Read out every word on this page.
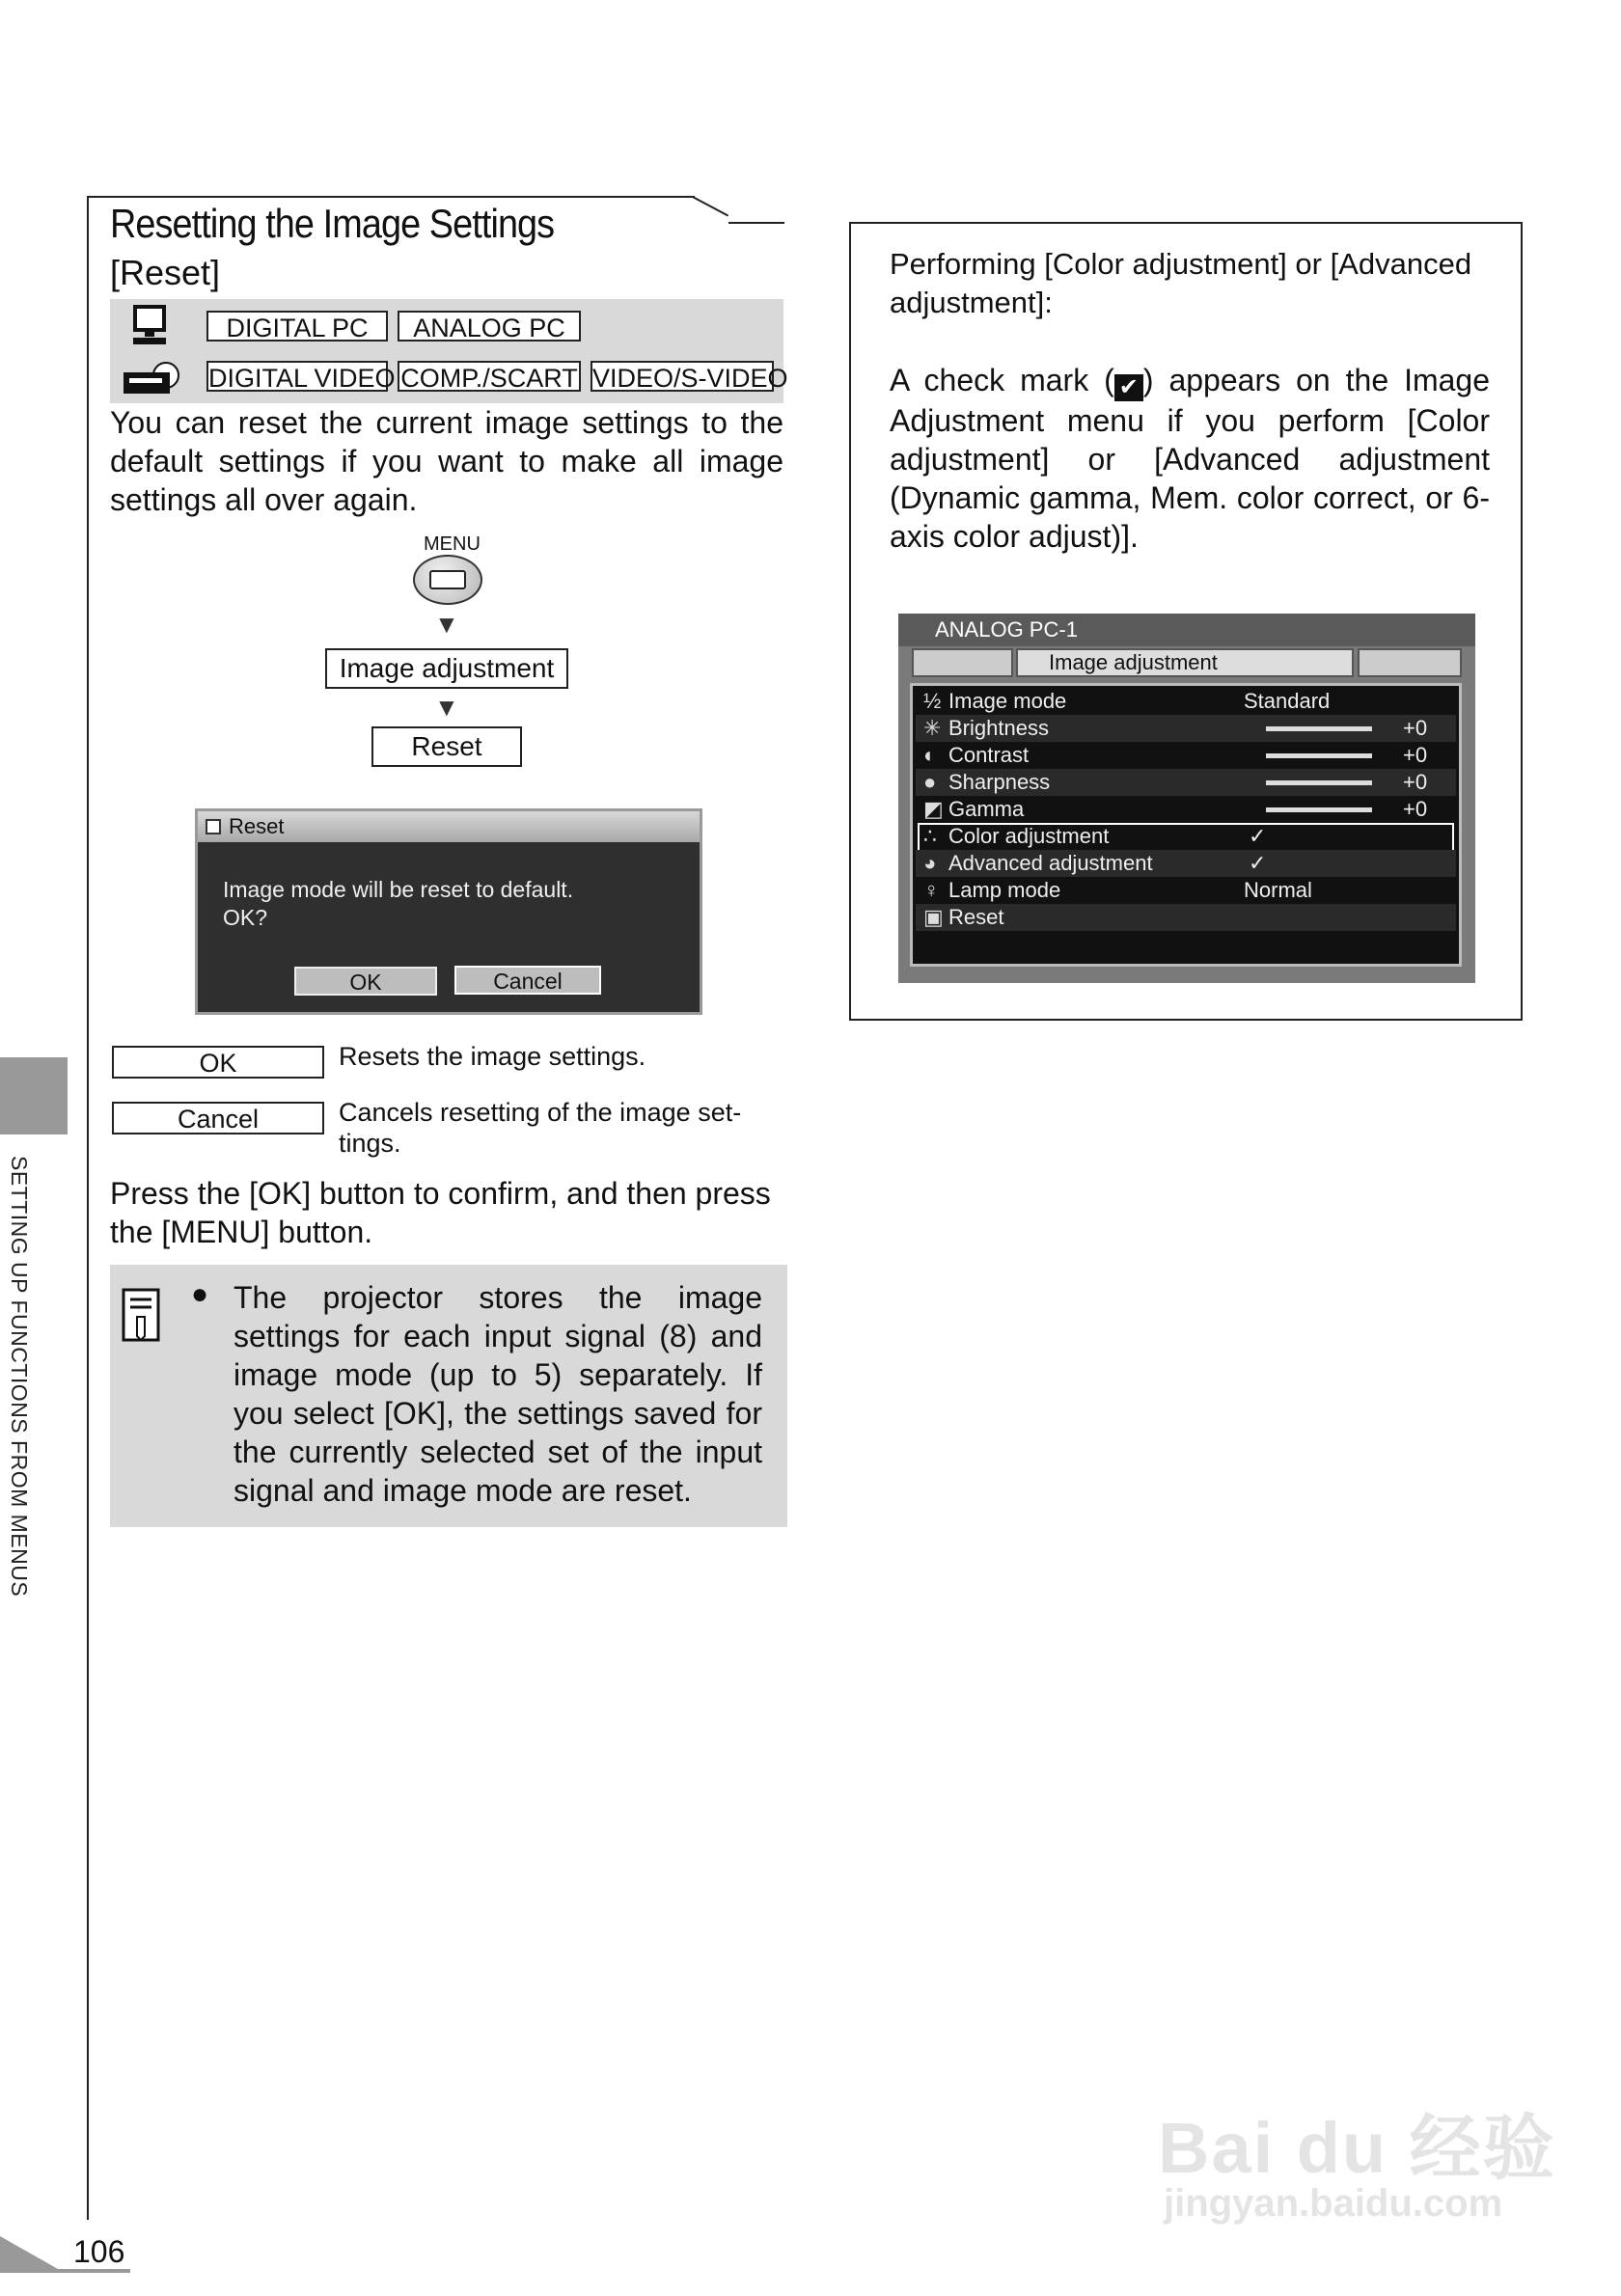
Resetting the Image Settings
[Reset]
DIGITAL PC	ANALOG PC
DIGITAL VIDEO COMP./SCART VIDEO/S-VIDEO
You can reset the current image settings to the default settings if you want to make all image settings all over again.
MENU
▼
Image adjustment
▼
Reset
Reset
Image mode will be reset to default.
OK?
OK	Cancel
OK	Resets the image settings.
Cancel	Cancels resetting of the image set-
tings.
Press the [OK] button to confirm, and then press the [MENU] button.
● The projector stores the image settings for each input signal (8) and image mode (up to 5) separately. If you select [OK], the settings saved for the currently selected set of the input signal and image mode are reset.
SETTING UP FUNCTIONS FROM MENUS
106
Performing [Color adjustment] or [Advanced adjustment]:
A check mark ( ✔ ) appears on the Image Adjustment menu if you perform [Color adjustment] or [Advanced adjustment (Dynamic gamma, Mem. color correct, or 6-axis color adjust)].
ANALOG PC-1
Image adjustment
½ Image mode	Standard
✳ Brightness	+0
◐ Contrast	+0
● Sharpness	+0
◩ Gamma	+0
∴ Color adjustment	✓
◕ Advanced adjustment	✓
♀ Lamp mode	Normal
▣ Reset
Bai du 经验
jingyan.baidu.com
